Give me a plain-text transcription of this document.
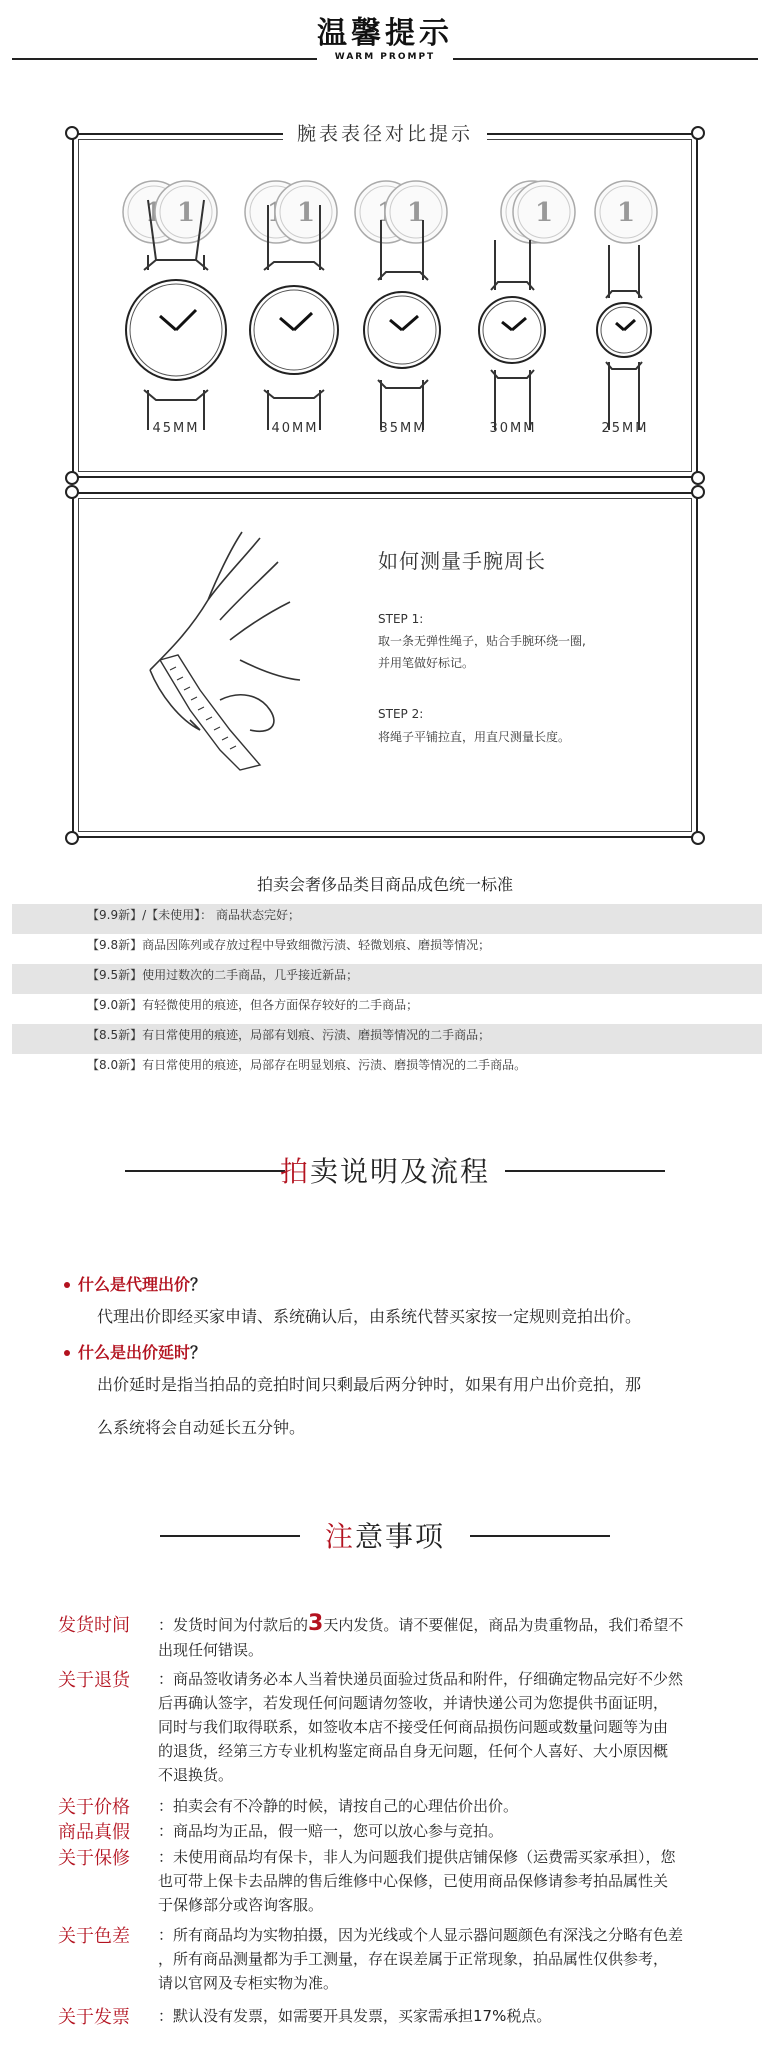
温馨提示
WARM PROMPT
腕表表径对比提示
1
45MM	40MM	35MM	30MM	25MM
如何测量手腕周长
STEP 1:
取一条无弹性绳子，贴合手腕环绕一圈,
并用笔做好标记。
STEP 2:
将绳子平铺拉直，用直尺测量长度。
拍卖会奢侈品类目商品成色统一标准
【9.9新】/【未使用】： 商品状态完好；
【9.8新】商品因陈列或存放过程中导致细微污渍、轻微划痕、磨损等情况；
【9.5新】使用过数次的二手商品，几乎接近新品；
【9.0新】有轻微使用的痕迹，但各方面保存较好的二手商品；
【8.5新】有日常使用的痕迹，局部有划痕、污渍、磨损等情况的二手商品；
【8.0新】有日常使用的痕迹，局部存在明显划痕、污渍、磨损等情况的二手商品。
拍卖说明及流程
什么是代理出价？
代理出价即经买家申请、系统确认后，由系统代替买家按一定规则竞拍出价。
什么是出价延时？
出价延时是指当拍品的竞拍时间只剩最后两分钟时，如果有用户出价竞拍，那
么系统将会自动延长五分钟。
注意事项
发货时间 ：发货时间为付款后的3天内发货。请不要催促，商品为贵重物品，我们希望不
出现任何错误。
关于退货 ：商品签收请务必本人当着快递员面验过货品和附件，仔细确定物品完好不少然
后再确认签字，若发现任何问题请勿签收，并请快递公司为您提供书面证明，
同时与我们取得联系，如签收本店不接受任何商品损伤问题或数量问题等为由
的退货，经第三方专业机构鉴定商品自身无问题，任何个人喜好、大小原因概
不退换货。
关于价格 ：拍卖会有不冷静的时候，请按自己的心理估价出价。
商品真假 ：商品均为正品，假一赔一，您可以放心参与竞拍。
关于保修 ：未使用商品均有保卡，非人为问题我们提供店铺保修（运费需买家承担），您
也可带上保卡去品牌的售后维修中心保修，已使用商品保修请参考拍品属性关
于保修部分或咨询客服。
关于色差 ：所有商品均为实物拍摄，因为光线或个人显示器问题颜色有深浅之分略有色差
，所有商品测量都为手工测量，存在误差属于正常现象，拍品属性仅供参考，
请以官网及专柜实物为准。
关于发票 ：默认没有发票，如需要开具发票，买家需承担17%税点。
